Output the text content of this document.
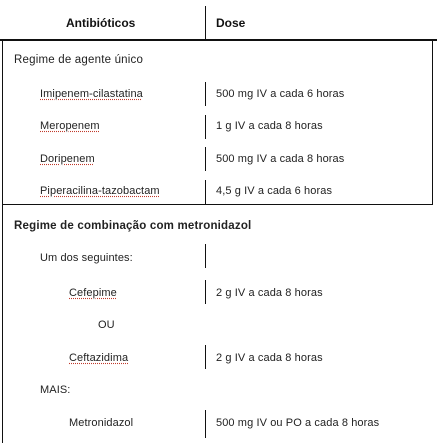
Antibióticos	Dose
Regime de agente único
Imipenem-cilastatina	500 mg IV a cada 6 horas
Meropenem	1 g IV a cada 8 horas
Doripenem	500 mg IV a cada 8 horas
Piperacilina-tazobactam	4,5 g IV a cada 6 horas
Regime de combinação com metronidazol
Um dos seguintes:
Cefepime	2 g IV a cada 8 horas
OU
Ceftazidima	2 g IV a cada 8 horas
MAIS:
Metronidazol	500 mg IV ou PO a cada 8 horas
